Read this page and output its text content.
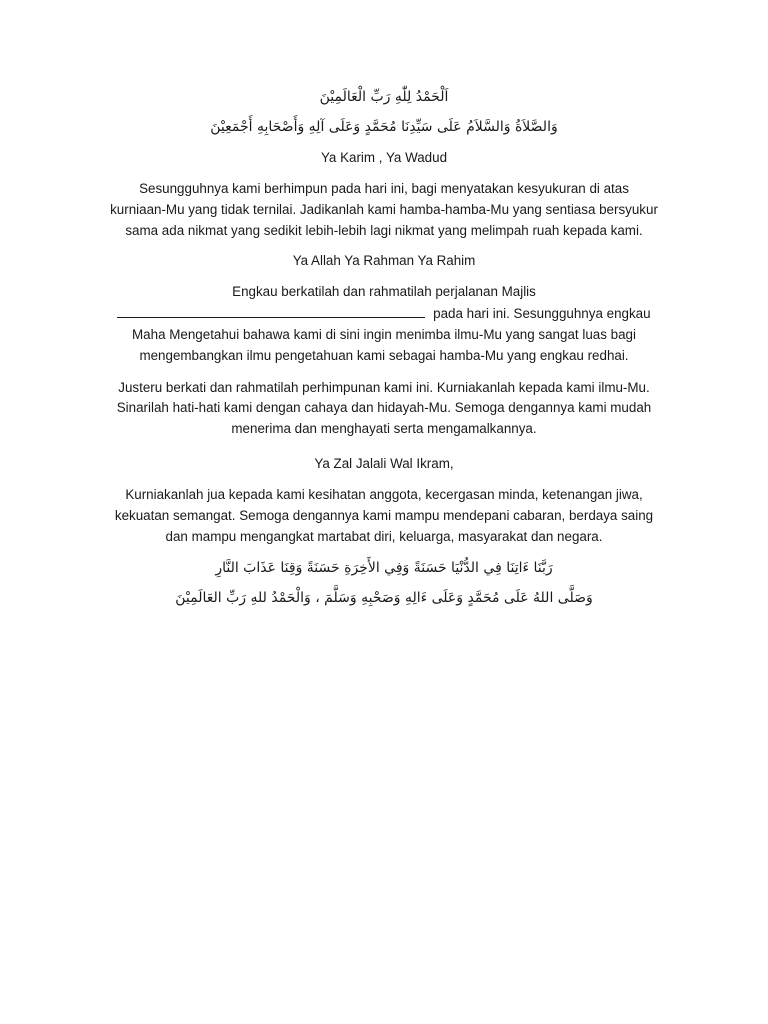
اَلْحَمْدُ لِلّٰهِ رَبِّ الْعَالَمِيْنَ

وَالصَّلاَةُ وَالسَّلاَمُ عَلَى سَيِّدِنَا مُحَمَّدٍ وَعَلَى آلِهِ وَأَصْحَابِهِ أَجْمَعِيْنَ

Ya Karim , Ya Wadud

Sesungguhnya kami berhimpun pada hari ini, bagi menyatakan kesyukuran di atas kurniaan-Mu yang tidak ternilai. Jadikanlah kami hamba-hamba-Mu yang sentiasa bersyukur sama ada nikmat yang sedikit lebih-lebih lagi nikmat yang melimpah ruah kepada kami.

Ya Allah Ya Rahman Ya Rahim

Engkau berkatilah dan rahmatilah perjalanan Majlis
pada hari ini. Sesungguhnya engkau Maha Mengetahui bahawa kami di sini ingin menimba ilmu-Mu yang sangat luas bagi mengembangkan ilmu pengetahuan kami sebagai hamba-Mu yang engkau redhai.

Justeru berkati dan rahmatilah perhimpunan kami ini. Kurniakanlah kepada kami ilmu-Mu. Sinarilah hati-hati kami dengan cahaya dan hidayah-Mu. Semoga dengannya kami mudah menerima dan menghayati serta mengamalkannya.

Ya Zal Jalali Wal Ikram,

Kurniakanlah jua kepada kami kesihatan anggota, kecergasan minda, ketenangan jiwa, kekuatan semangat. Semoga dengannya kami mampu mendepani cabaran, berdaya saing dan mampu mengangkat martabat diri, keluarga, masyarakat dan negara.

رَبَّنَا ءَاتِنَا فِي الدُّنْيَا حَسَنَةً وَفِي الأَخِرَةِ حَسَنَةً وَقِنَا عَذَابَ النَّارِ

وَصَلَّى اللهُ عَلَى مُحَمَّدٍ وَعَلَى ءَالِهِ وَصَحْبِهِ وَسَلَّمَ ، وَالْحَمْدُ للهِ رَبِّ العَالَمِيْنَ
